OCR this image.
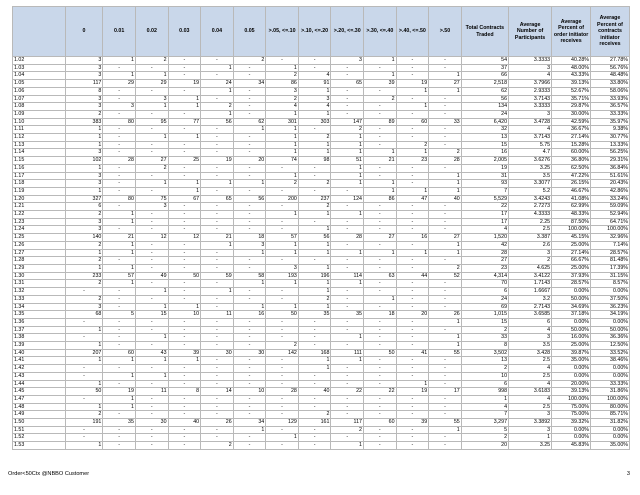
	0	0.01	0.02	0.03	0.04	0.05	>.05, <=.10	>.10, <=.20	>.20, <=.30	>.30, <=.40	>.40, <=.50	>.50	Total Contracts Traded	Average Number of Participants	Average Percent of order initiator receives	Average Percent of contracts initiator receives
1.02	3	1	2	-	-	2	-	-	3	1	-	-	54	3.3333	40.28%	27.78%
1.03	3	-	-	-	1	-	1	-	-	-	-	-	37	3	48.00%	56.76%
1.04	3	1	1	-	-	-	2	4	-	1	-	1	66	4	43.33%	48.48%
1.05	117	29	29	19	24	34	86	91	65	39	19	27	2,518	3.7966	39.13%	33.80%
1.06	8	-	-	-	1	-	3	1	-	-	1	1	62	2.9333	52.67%	58.06%
1.07	3	-	3	1	-	-	2	3	-	2	-	-	56	3.7143	35.71%	33.93%
1.08	3	3	1	1	2	-	4	4	-	-	1	-	134	3.3333	29.87%	36.57%
1.09	2	-	-	-	1	-	1	1	-	-	-	-	24	3	30.00%	33.33%
1.10	383	80	95	77	56	62	301	303	147	89	60	33	6,420	3.4728	42.59%	35.97%
1.11	1	-	-	-	-	1	1	-	2	-	-	-	32	4	36.67%	9.38%
1.12	1	-	1	1	-	-	1	2	1	-	-	-	13	3.7143	27.14%	30.77%
1.13	1	-	-	-	-	-	1	1	1	-	2	-	15	5.75	15.28%	13.33%
1.14	3	-	-	-	-	-	1	1	1	1	1	2	16	4.7	60.00%	56.25%
1.15	102	28	27	25	19	20	74	98	51	21	23	28	2,005	3.6276	36.80%	29.31%
1.16	1	-	2	-	-	-	-	-	1	-	-	-	19	3.25	62.50%	36.84%
1.17	3	-	-	-	-	-	1	-	1	-	-	1	31	3.5	47.22%	51.61%
1.18	3	-	1	1	1	1	2	2	1	1	-	1	93	3.3077	26.15%	20.43%
1.19	1	-	-	1	-	-	-	-	-	1	1	1	7	5.2	46.67%	42.86%
1.20	327	80	75	67	65	56	200	237	124	86	47	40	5,529	3.4243	41.08%	33.24%
1.21	6	-	3	-	-	-	-	2	-	-	-	-	22	2.7273	62.99%	59.09%
1.22	2	1	-	-	-	-	1	1	1	-	-	-	17	4.3333	48.33%	52.94%
1.23	3	1	-	-	-	-	-	-	-	-	-	-	17	2.25	87.50%	64.71%
1.24	3	-	-	-	-	-	-	1	-	-	-	-	4	2.5	100.00%	100.00%
1.25	140	21	12	12	21	18	57	56	28	27	16	27	1,520	3.387	45.15%	32.96%
1.26	2	1	-	-	1	3	1	1	-	-	-	1	42	2.6	25.00%	7.14%
1.27	1	1	-	-	-	1	1	1	1	1	1	1	28	3	27.14%	28.57%
1.28	2	-	-	-	-	-	-	-	-	-	-	-	27	2	66.67%	81.48%
1.29	1	1	-	-	-	-	3	1	-	-	-	2	23	4.625	25.00%	17.39%
1.30	233	57	49	50	59	58	193	196	114	63	44	52	4,314	3.4122	37.93%	31.15%
1.31	2	1	-	-	-	1	1	1	1	-	-	-	70	1.7143	28.57%	8.57%
1.32	-	-	1	-	1	-	-	1	-	-	-	-	6	1.6667	0.00%	0.00%
1.33	2	-	-	-	-	-	-	2	-	1	-	-	24	3.2	50.00%	37.50%
1.34	3	-	1	1	-	1	1	1	-	-	-	-	69	2.7143	34.69%	36.23%
1.35	68	5	15	10	11	16	50	35	35	18	20	26	1,015	3.6585	37.18%	34.19%
1.36	-	-	-	-	-	-	-	-	-	-	-	1	15	6	0.00%	0.00%
1.37	1	-	-	-	-	-	-	-	-	-	-	-	2	4	50.00%	50.00%
1.38	-	-	1	-	-	-	-	-	1	-	-	1	33	3	16.00%	36.36%
1.39	1	-	-	-	-	-	2	-	-	-	-	1	8	3.5	25.00%	12.50%
1.40	207	60	43	39	30	30	142	168	111	50	41	55	3,502	3.428	39.87%	33.52%
1.41	1	1	1	1	-	-	-	1	1	-	-	-	13	2.5	35.00%	38.46%
1.42	-	-	-	-	-	-	-	1	-	-	-	-	2	4	0.00%	0.00%
1.43	-	1	1	-	-	-	-	-	-	-	-	-	10	2.5	0.00%	0.00%
1.44	1	-	-	-	-	-	-	-	-	-	1	-	6	4	20.00%	33.33%
1.45	50	19	11	8	14	10	28	40	22	22	19	17	998	3.6183	39.13%	31.86%
1.47	-	1	-	-	-	-	-	-	-	-	-	-	1	4	100.00%	100.00%
1.48	1	1	-	-	-	-	-	-	-	-	-	-	4	2.5	75.00%	80.00%
1.49	2	-	-	-	-	-	-	2	-	-	-	-	7	3	75.00%	85.71%
1.50	191	35	30	40	26	34	129	161	117	60	39	55	3,297	3.3892	39.32%	31.82%
1.51	-	-	-	-	-	1	-	-	2	-	-	1	5	3	0.00%	0.00%
1.52	-	-	-	-	-	-	1	-	-	-	-	-	2	1	0.00%	0.00%
1.53	1	-	-	-	2	-	-	-	1	-	-	-	20	3.25	45.83%	35.00%
Order<50Ctx @NBBO Customer	3
